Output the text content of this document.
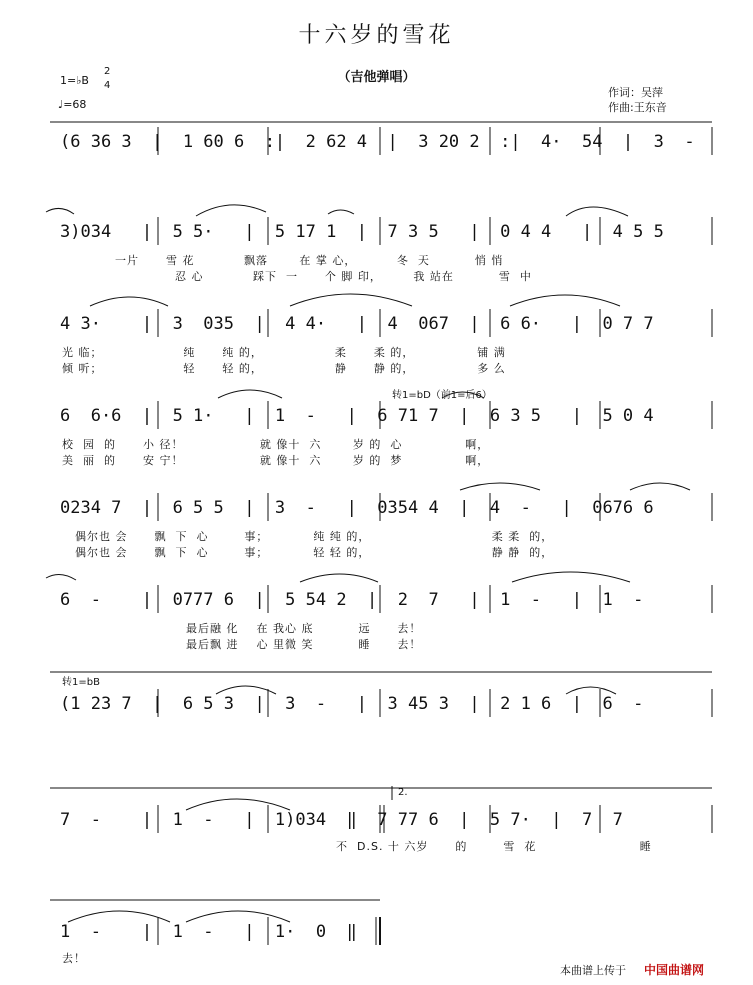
十六岁的雪花
（吉他弹唱）
1=♭B
2
4
♩=68
作词：吴萍
作曲:王东音
(6 36 3  |  1 60 6  :|  2 62 4  |  3 20 2  :|  4·  54  |  3  -
3)034   |  5 5·   |  5 17 1  |  7 3 5   |  0 4 4   |  4 5 5
一片      雪 花           飘落       在 掌 心，         冬  天          悄 悄
忍 心           踩下  一      个 脚 印，       我 站在          雪  中
4 3·    |  3  035  |  4 4·   |  4  067  |  6 6·   |  0 7 7
光 临；                  纯      纯 的，                柔      柔 的，              铺 满
倾 听；                  轻      轻 的，                静      静 的，              多 么
转1=bD（前1=后6）
6  6·6  |  5 1·   |  1  -   |  6 71 7  |  6 3 5   |  5 0 4
校  园  的      小 径！                 就 像十  六       岁 的  心              啊，
美  丽  的      安 宁！                 就 像十  六       岁 的  梦              啊，
0234 7  |  6 5 5  |  3  -   |  0354 4  |  4  -   |  0676 6
偶尔也 会      飘  下  心        事；          纯 纯 的，                           柔 柔  的，
偶尔也 会      飘  下  心        事；          轻 轻 的，                           静 静  的，
6  -    |  0777 6  |  5 54 2  |  2  7   |  1  -   |  1  -
最后融 化    在 我心 底          远      去！
最后飘 进    心 里微 笑          睡      去！
转1=bB
(1 23 7  |  6 5 3  |  3  -   |  3 45 3  |  2 1 6  |  6  -
2.
7  -    |  1  -   |  1)034  ‖  7 77 6  |  5 7·  |  7  7
不  D.S. 十 六岁      的        雪  花                       睡
1  -    |  1  -   |  1·  0  ‖
去！
本曲谱上传于 中国曲谱网
